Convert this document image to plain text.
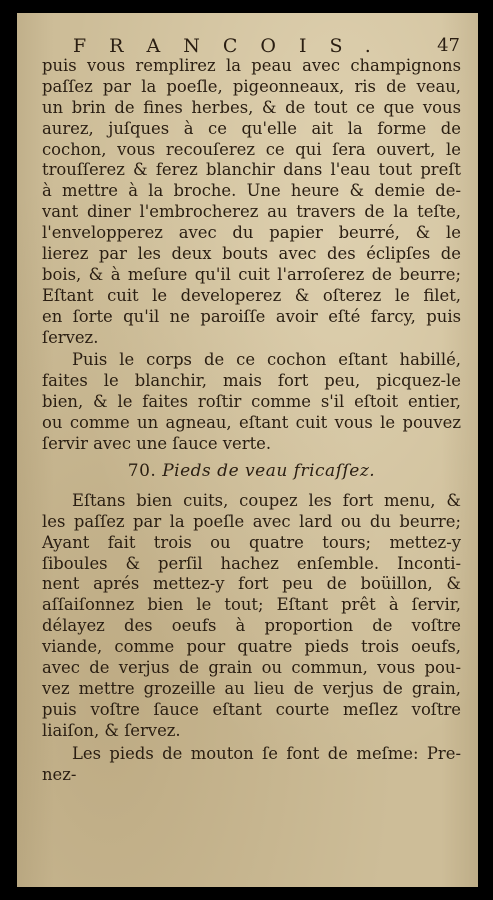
FRANCOIS. 47
puis vous remplirez la peau avec champignons
paſſez par la poeſle, pigeonneaux, ris de veau,
un brin de fines herbes, & de tout ce que vous
aurez, juſques à ce qu'elle ait la forme de
cochon, vous recouſerez ce qui ſera ouvert, le
trouſſerez & ferez blanchir dans l'eau tout preſt
à mettre à la broche. Une heure & demie de-
vant diner l'embrocherez au travers de la teſte,
l'envelopperez avec du papier beurré, & le
lierez par les deux bouts avec des éclipſes de
bois, & à meſure qu'il cuit l'arroſerez de beurre;
Eſtant cuit le developerez & oſterez le filet,
en ſorte qu'il ne paroiſſe avoir eſté farcy, puis
ſervez.
Puis le corps de ce cochon eſtant habillé,
faites le blanchir, mais fort peu, picquez-le
bien, & le faites roſtir comme s'il eſtoit entier,
ou comme un agneau, eſtant cuit vous le pouvez
ſervir avec une ſauce verte.
70. Pieds de veau fricaſſez.
Eſtans bien cuits, coupez les fort menu, &
les paſſez par la poeſle avec lard ou du beurre;
Ayant fait trois ou quatre tours; mettez-y
ſiboules & perſil hachez enſemble. Inconti-
nent aprés mettez-y fort peu de boüillon, &
aſſaiſonnez bien le tout; Eſtant prêt à ſervir,
délayez des oeufs à proportion de voſtre
viande, comme pour quatre pieds trois oeufs,
avec de verjus de grain ou commun, vous pou-
vez mettre grozeille au lieu de verjus de grain,
puis voſtre ſauce eſtant courte meſlez voſtre
liaiſon, & ſervez.
Les pieds de mouton ſe font de meſme: Pre-
nez-
